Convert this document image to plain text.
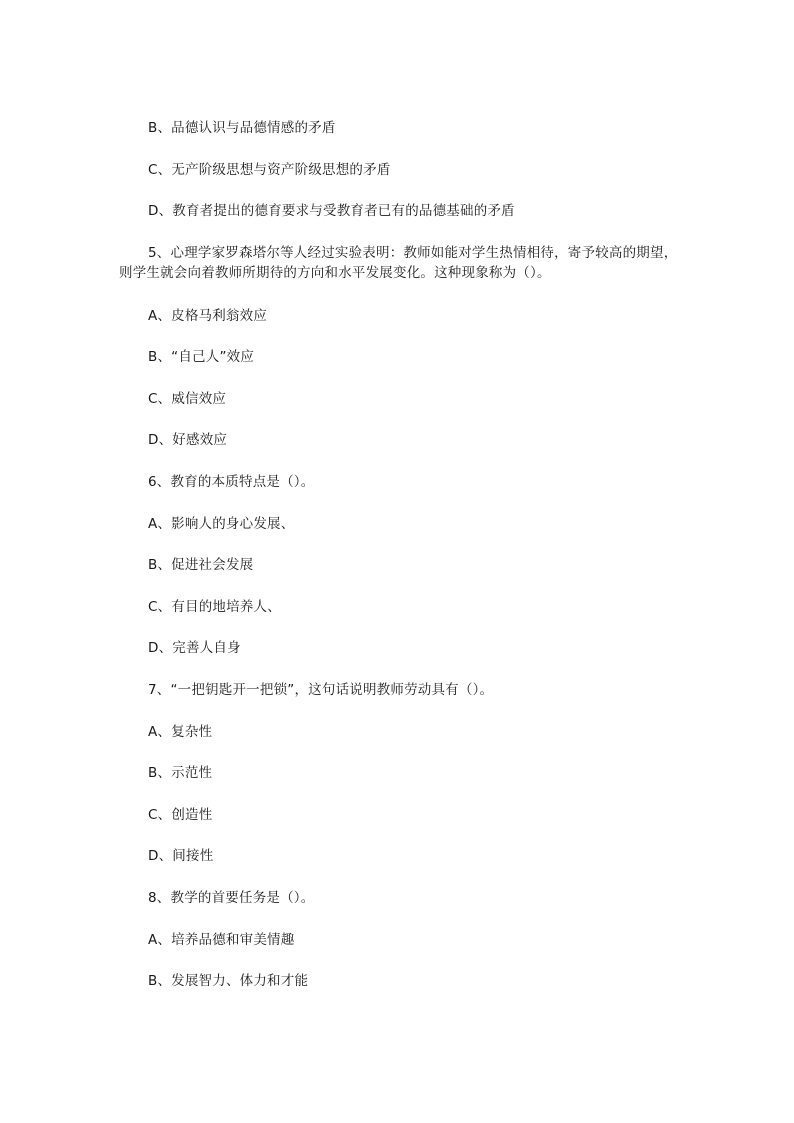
B、品德认识与品德情感的矛盾
C、无产阶级思想与资产阶级思想的矛盾
D、教育者提出的德育要求与受教育者已有的品德基础的矛盾
5、心理学家罗森塔尔等人经过实验表明：教师如能对学生热情相待，寄予较高的期望，则学生就会向着教师所期待的方向和水平发展变化。这种现象称为（）。
A、皮格马利翁效应
B、“自己人”效应
C、威信效应
D、好感效应
6、教育的本质特点是（）。
A、影响人的身心发展、
B、促进社会发展
C、有目的地培养人、
D、完善人自身
7、“一把钥匙开一把锁”，这句话说明教师劳动具有（）。
A、复杂性
B、示范性
C、创造性
D、间接性
8、教学的首要任务是（）。
A、培养品德和审美情趣
B、发展智力、体力和才能
